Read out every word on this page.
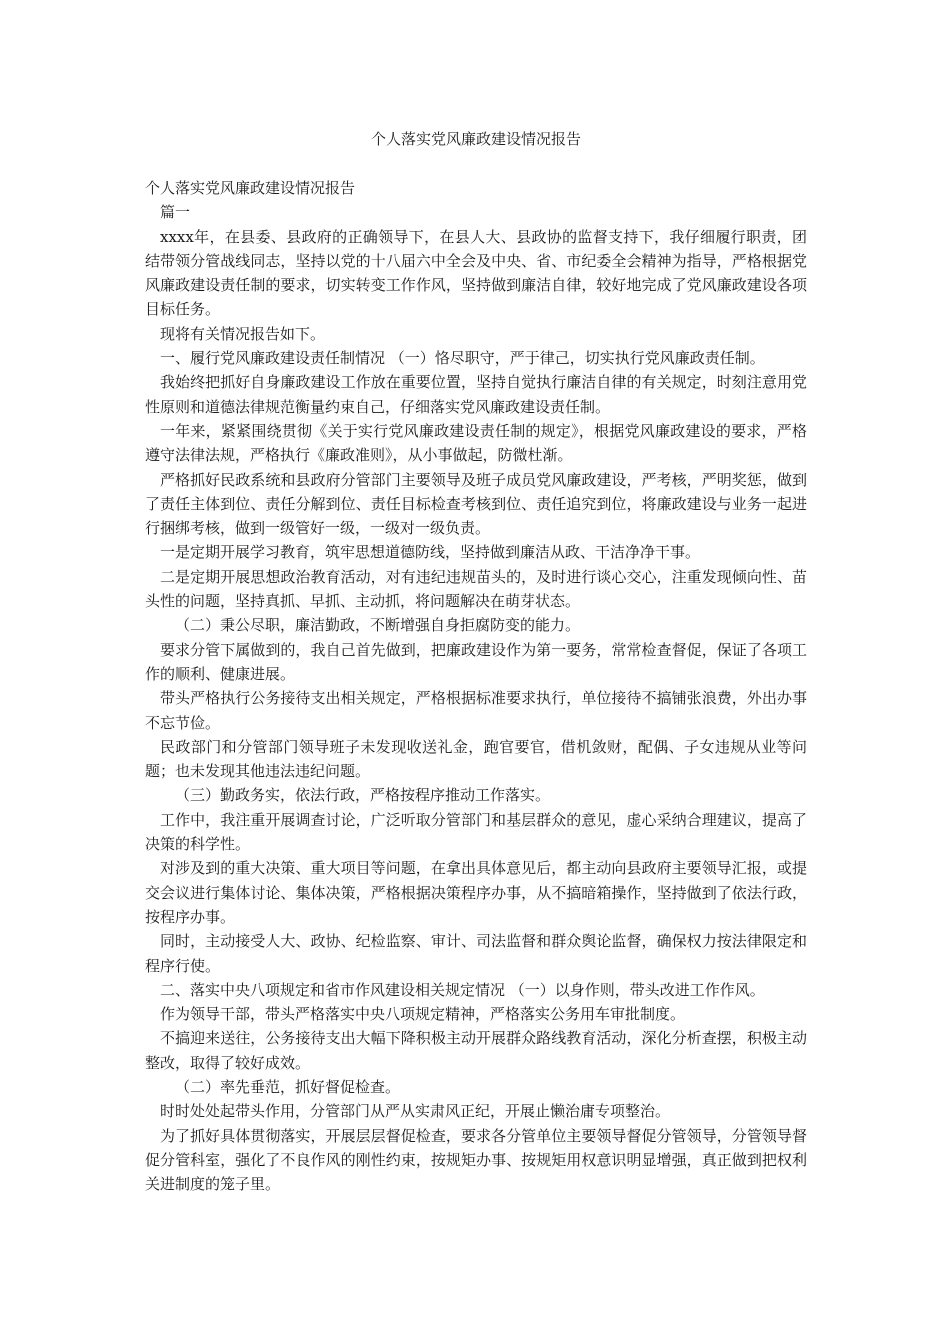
个人落实党风廉政建设情况报告

个人落实党风廉政建设情况报告

篇一

xxxx年，在县委、县政府的正确领导下，在县人大、县政协的监督支持下，我仔细履行职责，团结带领分管战线同志，坚持以党的十八届六中全会及中央、省、市纪委全会精神为指导，严格根据党风廉政建设责任制的要求，切实转变工作作风，坚持做到廉洁自律，较好地完成了党风廉政建设各项目标任务。

现将有关情况报告如下。

一、履行党风廉政建设责任制情况 （一）恪尽职守，严于律己，切实执行党风廉政责任制。

我始终把抓好自身廉政建设工作放在重要位置，坚持自觉执行廉洁自律的有关规定，时刻注意用党性原则和道德法律规范衡量约束自己，仔细落实党风廉政建设责任制。

一年来，紧紧围绕贯彻《关于实行党风廉政建设责任制的规定》，根据党风廉政建设的要求，严格遵守法律法规，严格执行《廉政准则》，从小事做起，防微杜渐。

严格抓好民政系统和县政府分管部门主要领导及班子成员党风廉政建设，严考核，严明奖惩，做到了责任主体到位、责任分解到位、责任目标检查考核到位、责任追究到位，将廉政建设与业务一起进行捆绑考核，做到一级管好一级，一级对一级负责。

一是定期开展学习教育，筑牢思想道德防线，坚持做到廉洁从政、干洁净净干事。

二是定期开展思想政治教育活动，对有违纪违规苗头的，及时进行谈心交心，注重发现倾向性、苗头性的问题，坚持真抓、早抓、主动抓，将问题解决在萌芽状态。

（二）秉公尽职，廉洁勤政，不断增强自身拒腐防变的能力。

要求分管下属做到的，我自己首先做到，把廉政建设作为第一要务，常常检查督促，保证了各项工作的顺利、健康进展。

带头严格执行公务接待支出相关规定，严格根据标准要求执行，单位接待不搞铺张浪费，外出办事不忘节俭。

民政部门和分管部门领导班子未发现收送礼金，跑官要官，借机敛财，配偶、子女违规从业等问题；也未发现其他违法违纪问题。

（三）勤政务实，依法行政，严格按程序推动工作落实。

工作中，我注重开展调查讨论，广泛听取分管部门和基层群众的意见，虚心采纳合理建议，提高了决策的科学性。

对涉及到的重大决策、重大项目等问题，在拿出具体意见后，都主动向县政府主要领导汇报，或提交会议进行集体讨论、集体决策，严格根据决策程序办事，从不搞暗箱操作，坚持做到了依法行政，按程序办事。

同时，主动接受人大、政协、纪检监察、审计、司法监督和群众舆论监督，确保权力按法律限定和程序行使。

二、落实中央八项规定和省市作风建设相关规定情况 （一）以身作则，带头改进工作作风。

作为领导干部，带头严格落实中央八项规定精神，严格落实公务用车审批制度。

不搞迎来送往，公务接待支出大幅下降积极主动开展群众路线教育活动，深化分析查摆，积极主动整改，取得了较好成效。

（二）率先垂范，抓好督促检查。

时时处处起带头作用，分管部门从严从实肃风正纪，开展止懒治庸专项整治。

为了抓好具体贯彻落实，开展层层督促检查，要求各分管单位主要领导督促分管领导，分管领导督促分管科室，强化了不良作风的刚性约束，按规矩办事、按规矩用权意识明显增强，真正做到把权利关进制度的笼子里。
